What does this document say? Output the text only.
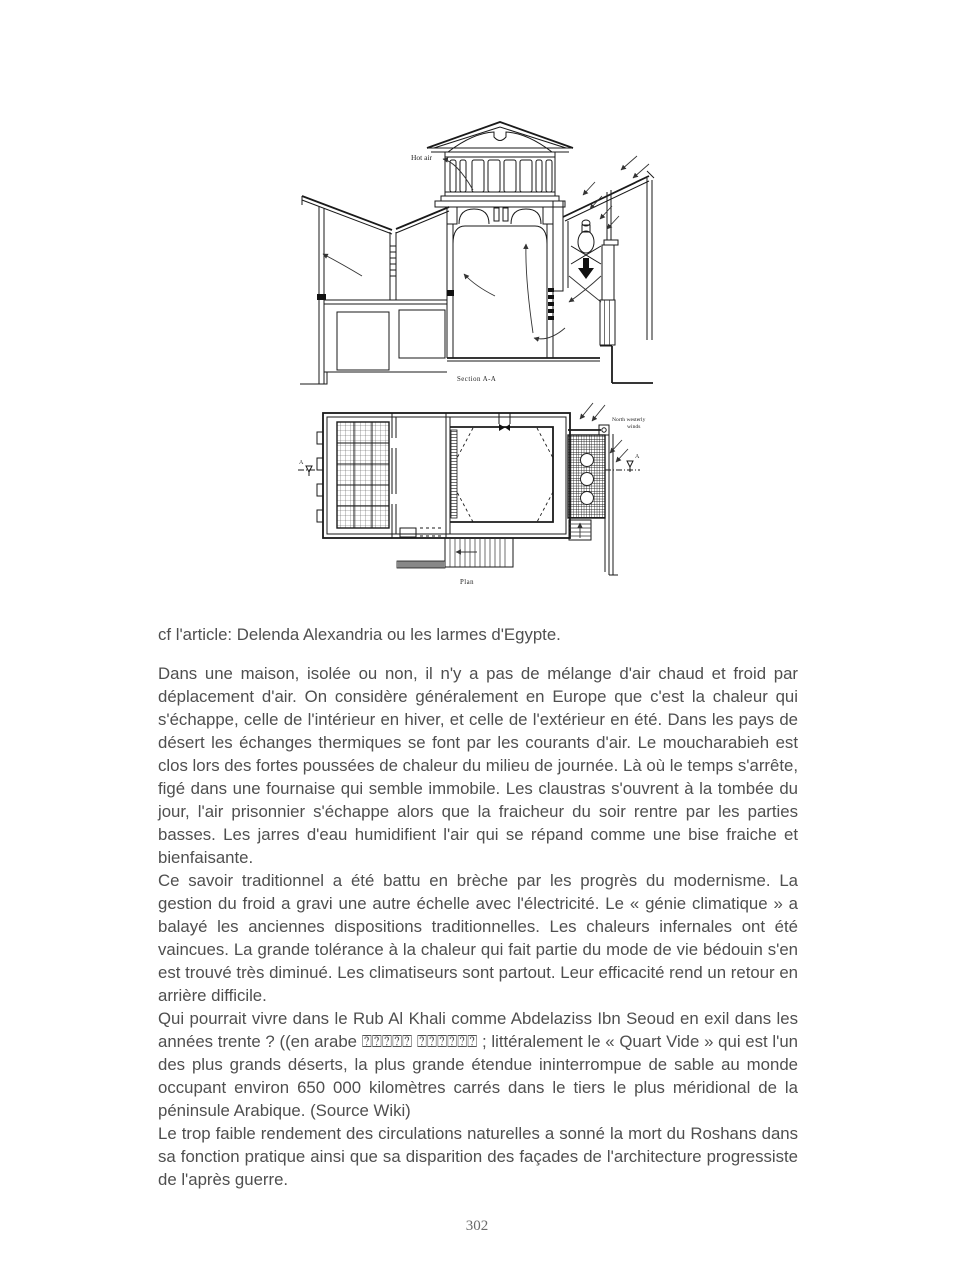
Hot air
Section A-A
North westerly
winds
A
A
Plan

cf l'article: Delenda Alexandria ou les larmes d'Egypte.

Dans une maison, isolée ou non, il n'y a pas de mélange d'air chaud et froid par déplacement d'air. On considère généralement en Europe que c'est la chaleur qui s'échappe, celle de l'intérieur en hiver, et celle de l'extérieur en été. Dans les pays de désert les échanges thermiques se font par les courants d'air. Le moucharabieh est clos lors des fortes poussées de chaleur du milieu de journée. Là où le temps s'arrête, figé dans une fournaise qui semble immobile. Les claustras s'ouvrent à la tombée du jour, l'air prisonnier s'échappe alors que la fraicheur du soir rentre par les parties basses. Les jarres d'eau humidifient l'air qui se répand comme une bise fraiche et bienfaisante.

Ce savoir traditionnel a été battu en brèche par les progrès du modernisme. La gestion du froid a gravi une autre échelle avec l'électricité. Le « génie climatique » a balayé les anciennes dispositions traditionnelles. Les chaleurs infernales ont été vaincues. La grande tolérance à la chaleur qui fait partie du mode de vie bédouin s'en est trouvé très diminué. Les climatiseurs sont partout. Leur efficacité rend un retour en arrière difficile.

Qui pourrait vivre dans le Rub Al Khali comme Abdelaziss Ibn Seoud en exil dans les années trente ? ((en arabe ⍰⍰⍰⍰⍰ ⍰⍰⍰⍰⍰⍰ ; littéralement le « Quart Vide » qui est l'un des plus grands déserts, la plus grande étendue ininterrompue de sable au monde occupant environ 650 000 kilomètres carrés dans le tiers le plus méridional de la péninsule Arabique. (Source Wiki)

Le trop faible rendement des circulations naturelles a sonné la mort du Roshans dans sa fonction pratique ainsi que sa disparition des façades de l'architecture progressiste de l'après guerre.

302
